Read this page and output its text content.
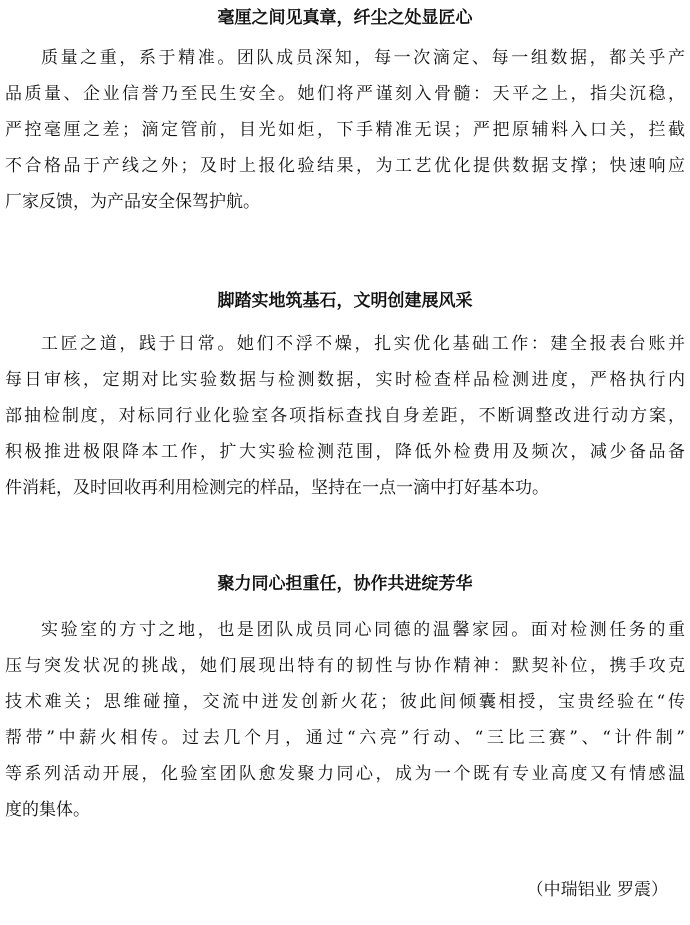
毫厘之间见真章，纤尘之处显匠心
质量之重，系于精准。团队成员深知，每一次滴定、每一组数据，都关乎产
品质量、企业信誉乃至民生安全。她们将严谨刻入骨髓：天平之上，指尖沉稳，
严控毫厘之差；滴定管前，目光如炬，下手精准无误；严把原辅料入口关，拦截
不合格品于产线之外；及时上报化验结果，为工艺优化提供数据支撑；快速响应
厂家反馈，为产品安全保驾护航。
脚踏实地筑基石，文明创建展风采
工匠之道，践于日常。她们不浮不燥，扎实优化基础工作：建全报表台账并
每日审核，定期对比实验数据与检测数据，实时检查样品检测进度，严格执行内
部抽检制度，对标同行业化验室各项指标查找自身差距，不断调整改进行动方案，
积极推进极限降本工作，扩大实验检测范围，降低外检费用及频次，减少备品备
件消耗，及时回收再利用检测完的样品，坚持在一点一滴中打好基本功。
聚力同心担重任，协作共进绽芳华
实验室的方寸之地，也是团队成员同心同德的温馨家园。面对检测任务的重
压与突发状况的挑战，她们展现出特有的韧性与协作精神：默契补位，携手攻克
技术难关；思维碰撞，交流中迸发创新火花；彼此间倾囊相授，宝贵经验在“传
帮带”中薪火相传。过去几个月，通过“六亮”行动、“三比三赛”、“计件制”
等系列活动开展，化验室团队愈发聚力同心，成为一个既有专业高度又有情感温
度的集体。

（中瑞铝业 罗震）
